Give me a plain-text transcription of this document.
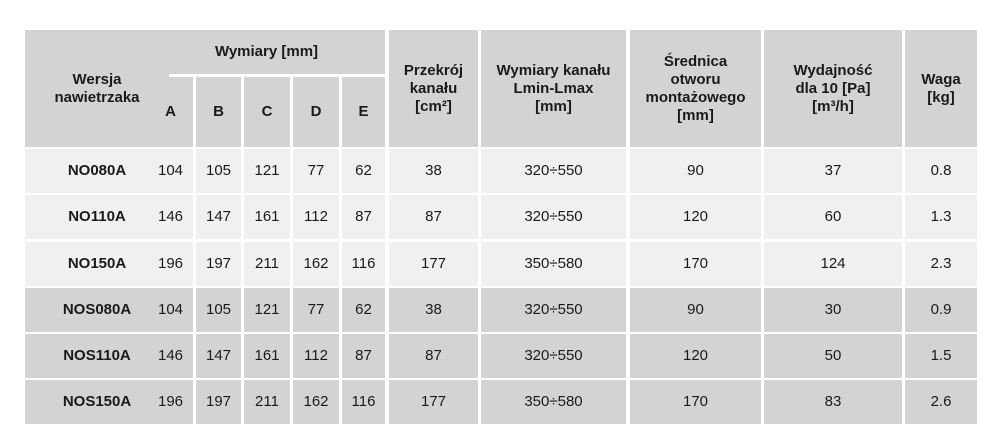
Wersja
nawietrzaka
Wymiary [mm]
A	B	C	D	E
Przekrój
kanału
[cm²]
Wymiary kanału
Lmin-Lmax
[mm]
Średnica
otworu
montażowego
[mm]
Wydajność
dla 10 [Pa]
[m³/h]
Waga
[kg]
NO080A	104	105	121	77	62	38	320÷550	90	37	0.8
NO110A	146	147	161	112	87	87	320÷550	120	60	1.3
NO150A	196	197	211	162	116	177	350÷580	170	124	2.3
NOS080A	104	105	121	77	62	38	320÷550	90	30	0.9
NOS110A	146	147	161	112	87	87	320÷550	120	50	1.5
NOS150A	196	197	211	162	116	177	350÷580	170	83	2.6
